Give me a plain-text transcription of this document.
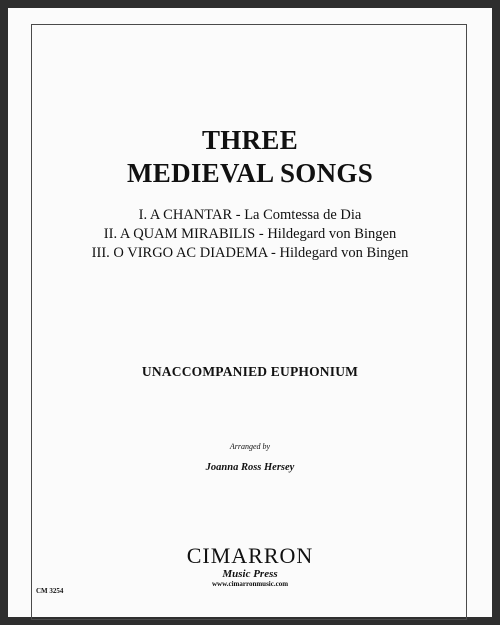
THREE
MEDIEVAL SONGS
I. A CHANTAR - La Comtessa de Dia
II. A QUAM MIRABILIS - Hildegard von Bingen
III. O VIRGO AC DIADEMA - Hildegard von Bingen
UNACCOMPANIED EUPHONIUM
Arranged by
Joanna Ross Hersey
CIMARRON
Music Press
www.cimarronmusic.com
CM 3254
